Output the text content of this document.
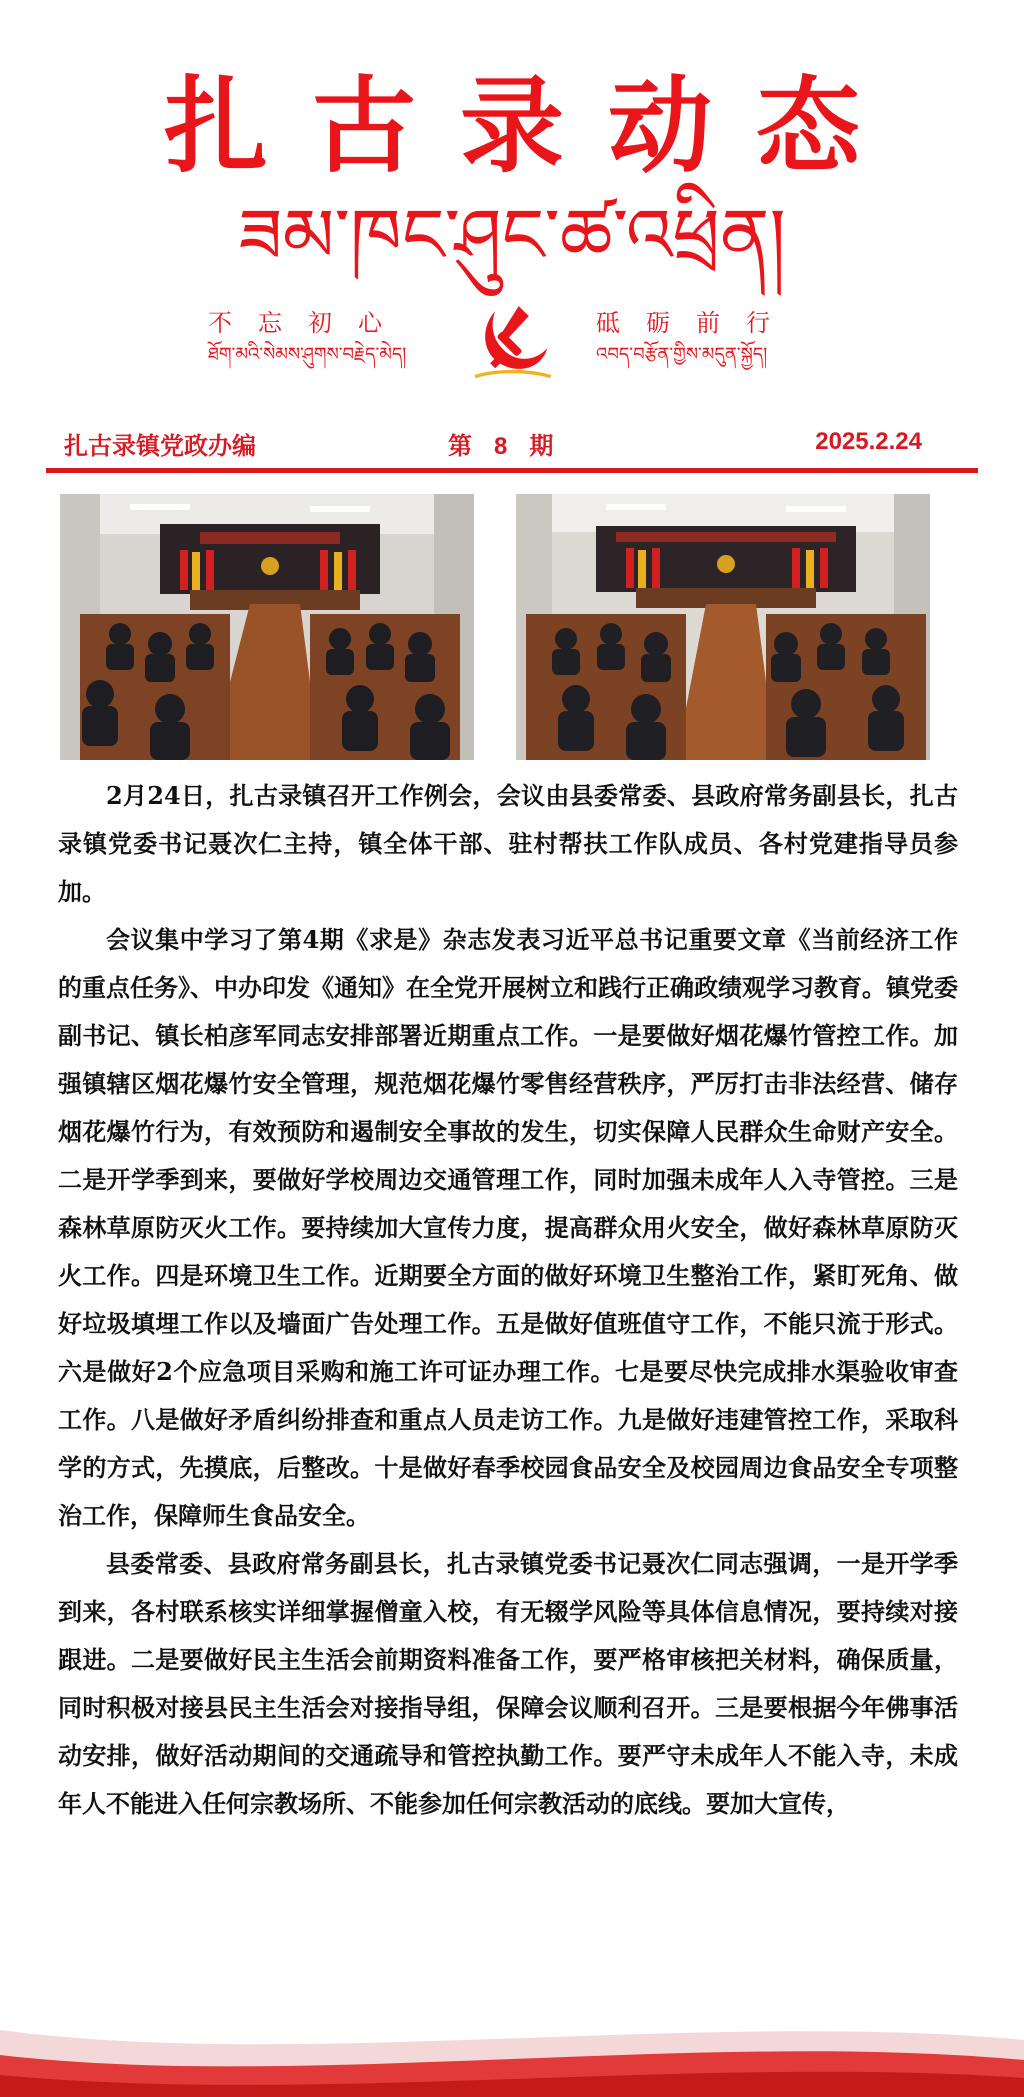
扎古录动态
ཟམ་ཁང་ཤུང་ཚ་འཕྲིན།
不忘初心
ཐོག་མའི་སེམས་ཤུགས་བརྗེད་མེད།
砥砺前行
འབད་བརྩོན་གྱིས་མདུན་སྐྱོད།
扎古录镇党政办编	第 8 期	2025.2.24

2月24日，扎古录镇召开工作例会，会议由县委常委、县政府常务副县长，扎古录镇党委书记聂次仁主持，镇全体干部、驻村帮扶工作队成员、各村党建指导员参加。

会议集中学习了第4期《求是》杂志发表习近平总书记重要文章《当前经济工作的重点任务》、中办印发《通知》在全党开展树立和践行正确政绩观学习教育。镇党委副书记、镇长柏彦军同志安排部署近期重点工作。一是要做好烟花爆竹管控工作。加强镇辖区烟花爆竹安全管理，规范烟花爆竹零售经营秩序，严厉打击非法经营、储存烟花爆竹行为，有效预防和遏制安全事故的发生，切实保障人民群众生命财产安全。二是开学季到来，要做好学校周边交通管理工作，同时加强未成年人入寺管控。三是森林草原防灭火工作。要持续加大宣传力度，提高群众用火安全，做好森林草原防灭火工作。四是环境卫生工作。近期要全方面的做好环境卫生整治工作，紧盯死角、做好垃圾填埋工作以及墙面广告处理工作。五是做好值班值守工作，不能只流于形式。六是做好2个应急项目采购和施工许可证办理工作。七是要尽快完成排水渠验收审查工作。八是做好矛盾纠纷排查和重点人员走访工作。九是做好违建管控工作，采取科学的方式，先摸底，后整改。十是做好春季校园食品安全及校园周边食品安全专项整治工作，保障师生食品安全。

县委常委、县政府常务副县长，扎古录镇党委书记聂次仁同志强调，一是开学季到来，各村联系核实详细掌握僧童入校，有无辍学风险等具体信息情况，要持续对接跟进。二是要做好民主生活会前期资料准备工作，要严格审核把关材料，确保质量，同时积极对接县民主生活会对接指导组，保障会议顺利召开。三是要根据今年佛事活动安排，做好活动期间的交通疏导和管控执勤工作。要严守未成年人不能入寺，未成年人不能进入任何宗教场所、不能参加任何宗教活动的底线。要加大宣传，
